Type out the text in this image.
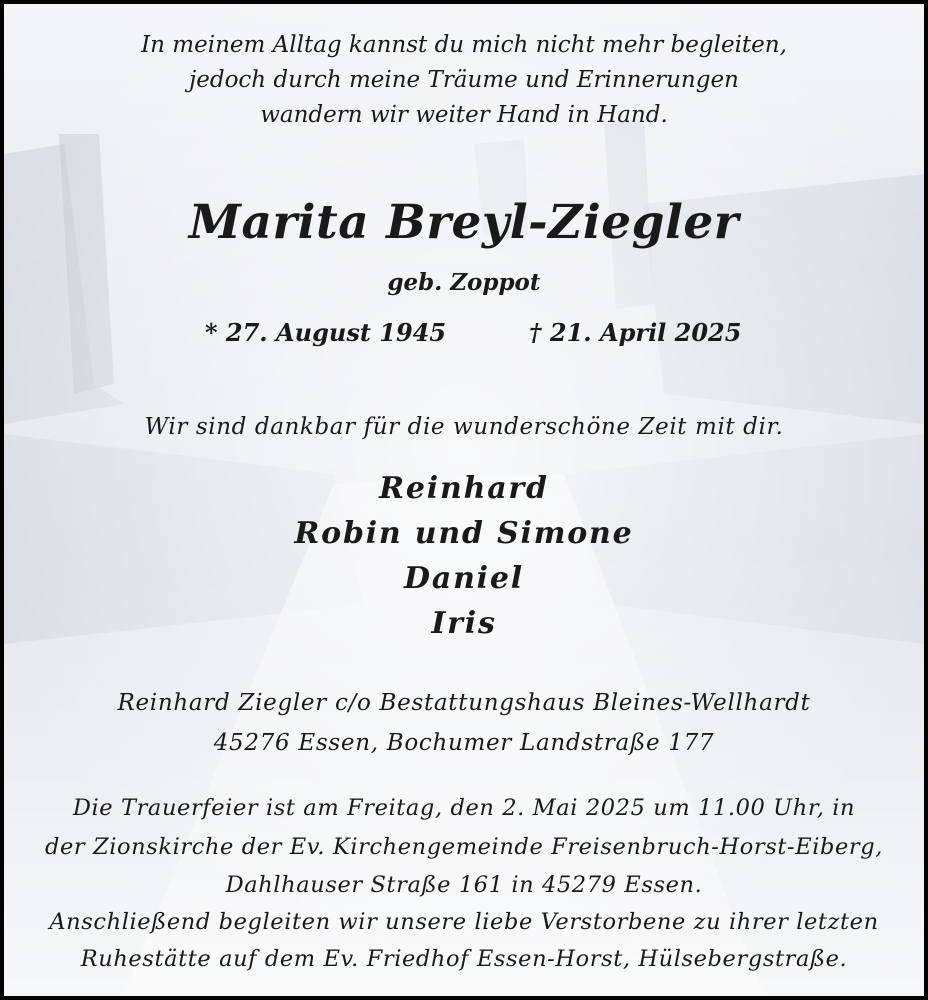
In meinem Alltag kannst du mich nicht mehr begleiten,

jedoch durch meine Träume und Erinnerungen

wandern wir weiter Hand in Hand.

Marita Breyl-Ziegler

geb. Zoppot

* 27. August 1945	† 21. April 2025

Wir sind dankbar für die wunderschöne Zeit mit dir.

Reinhard

Robin und Simone

Daniel

Iris

Reinhard Ziegler c/o Bestattungshaus Bleines-Wellhardt

45276 Essen, Bochumer Landstraße 177

Die Trauerfeier ist am Freitag, den 2. Mai 2025 um 11.00 Uhr, in

der Zionskirche der Ev. Kirchengemeinde Freisenbruch-Horst-Eiberg,

Dahlhauser Straße 161 in 45279 Essen.

Anschließend begleiten wir unsere liebe Verstorbene zu ihrer letzten

Ruhestätte auf dem Ev. Friedhof Essen-Horst, Hülsebergstraße.
